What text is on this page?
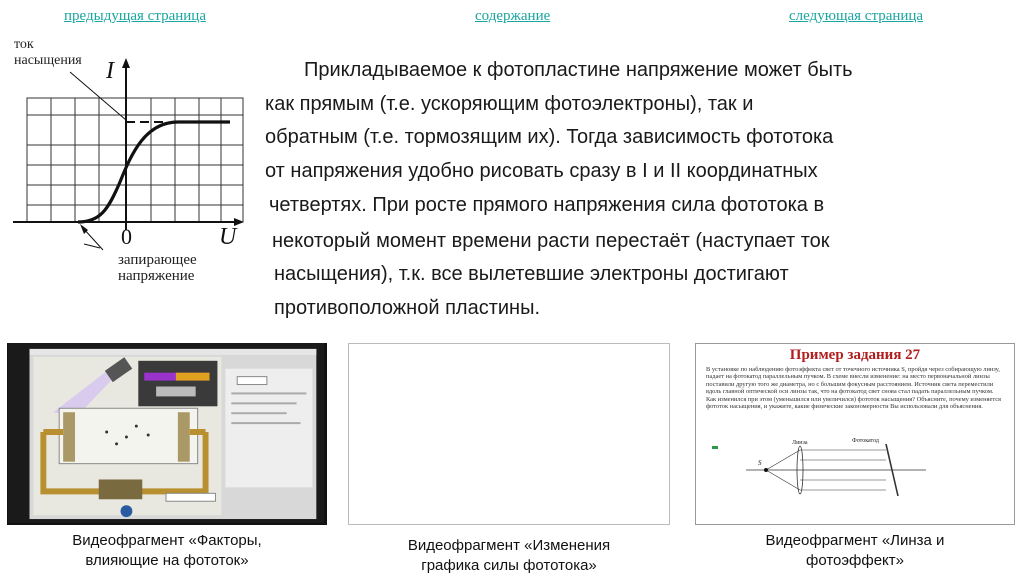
предыдущая страница	содержание	следующая страница
ток
насыщения I
U
0
запирающее
напряжение
Прикладываемое к фотопластине напряжение может быть
как прямым (т.е. ускоряющим фотоэлектроны), так и
обратным (т.е. тормозящим их). Тогда зависимость фототока
от напряжения удобно рисовать сразу в I и II координатных
четвертях. При росте прямого напряжения сила фототока в
некоторый момент времени расти перестаёт (наступает ток
насыщения), т.к. все вылетевшие электроны достигают
противоположной пластины.
Видеофрагмент «Факторы,
влияющие на фототок»
Видеофрагмент «Изменения
графика силы фототока»
Пример задания 27
В установке по наблюдению фотоэффекта свет от точечного источника S, пройдя через собирающую линзу, падает на фотокатод параллельным пучком. В схеме внесли изменение: на место первоначальной линзы поставили другую того же диаметра, но с большим фокусным расстоянием. Источник света переместили вдоль главной оптической оси линзы так, что на фотокатод свет снова стал падать параллельным пучком. Как изменился при этом (уменьшился или увеличился) фототок насыщения? Объясните, почему изменяется фототок насыщения, и укажите, какие физические закономерности Вы использовали для объяснения.
S
Линза	Фотокатод
Видеофрагмент «Линза и
фотоэффект»
